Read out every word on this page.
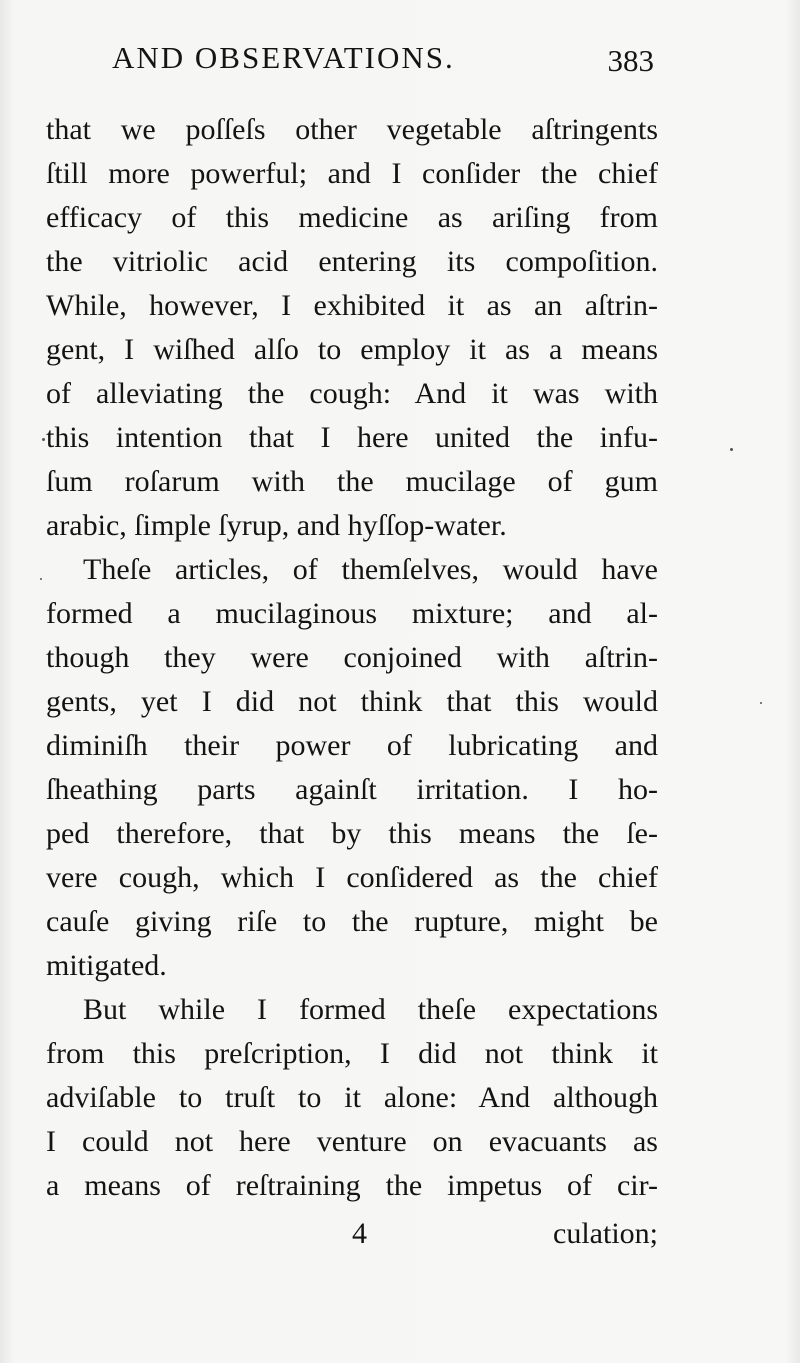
AND OBSERVATIONS.	383
that we poſſeſs other vegetable aſtringents
ſtill more powerful; and I conſider the chief
efficacy of this medicine as ariſing from
the vitriolic acid entering its compoſition.
While, however, I exhibited it as an aſtrin-
gent, I wiſhed alſo to employ it as a means
of alleviating the cough: And it was with
this intention that I here united the infu-
ſum roſarum with the mucilage of gum
arabic, ſimple ſyrup, and hyſſop-water.
Theſe articles, of themſelves, would have
formed a mucilaginous mixture; and al-
though they were conjoined with aſtrin-
gents, yet I did not think that this would
diminiſh their power of lubricating and
ſheathing parts againſt irritation. I ho-
ped therefore, that by this means the ſe-
vere cough, which I conſidered as the chief
cauſe giving riſe to the rupture, might be
mitigated.
But while I formed theſe expectations
from this preſcription, I did not think it
adviſable to truſt to it alone: And although
I could not here venture on evacuants as
a means of reſtraining the impetus of cir-
4	culation;
